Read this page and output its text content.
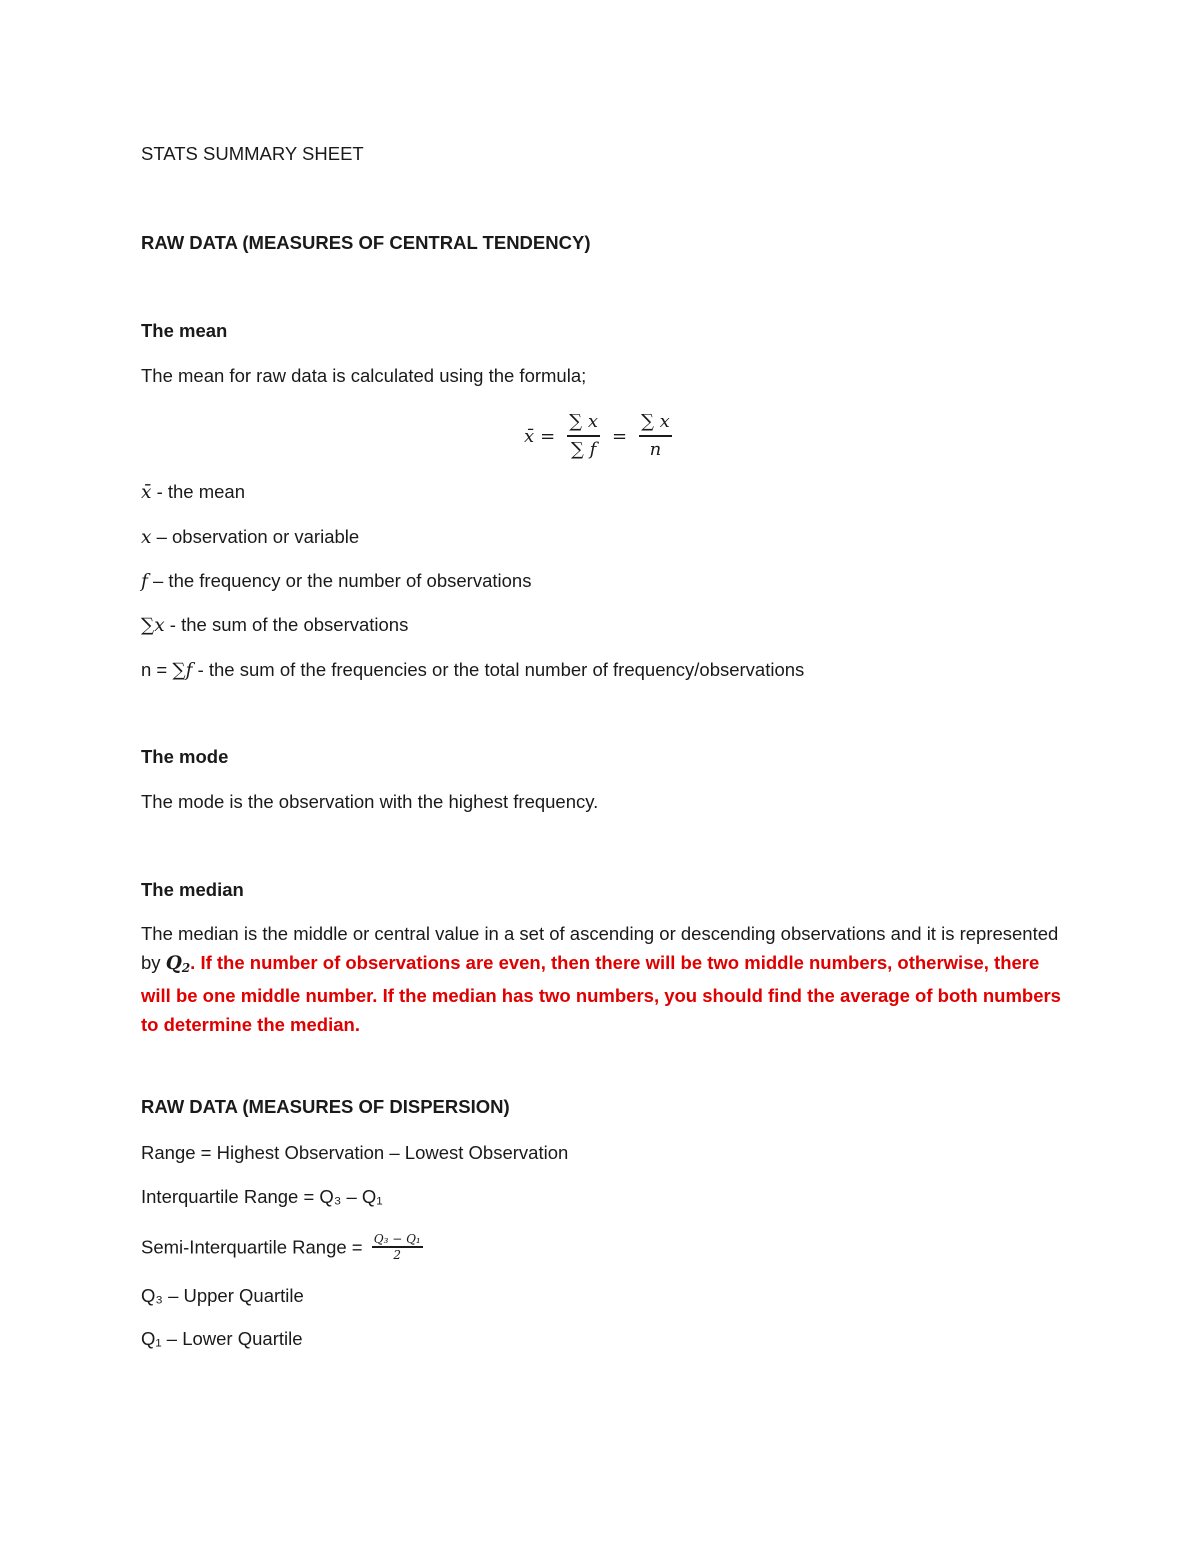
STATS SUMMARY SHEET
RAW DATA (MEASURES OF CENTRAL TENDENCY)
The mean
The mean for raw data is calculated using the formula;
x̄ = $\frac{\sum x}{\sum f} = \frac{\sum x}{n}$
x̄ - the mean
x – observation or variable
f – the frequency or the number of observations
∑x - the sum of the observations
n = ∑f - the sum of the frequencies or the total number of frequency/observations
The mode
The mode is the observation with the highest frequency.
The median
The median is the middle or central value in a set of ascending or descending observations and it is represented by $Q_2$. If the number of observations are even, then there will be two middle numbers, otherwise, there will be one middle number. If the median has two numbers, you should find the average of both numbers to determine the median.
RAW DATA (MEASURES OF DISPERSION)
Range = Highest Observation – Lowest Observation
Interquartile Range = Q₃ – Q₁
Semi-Interquartile Range = $\frac{\text{Q₃ − Q₁}}{2}$
Q₃ – Upper Quartile
Q₁ – Lower Quartile
